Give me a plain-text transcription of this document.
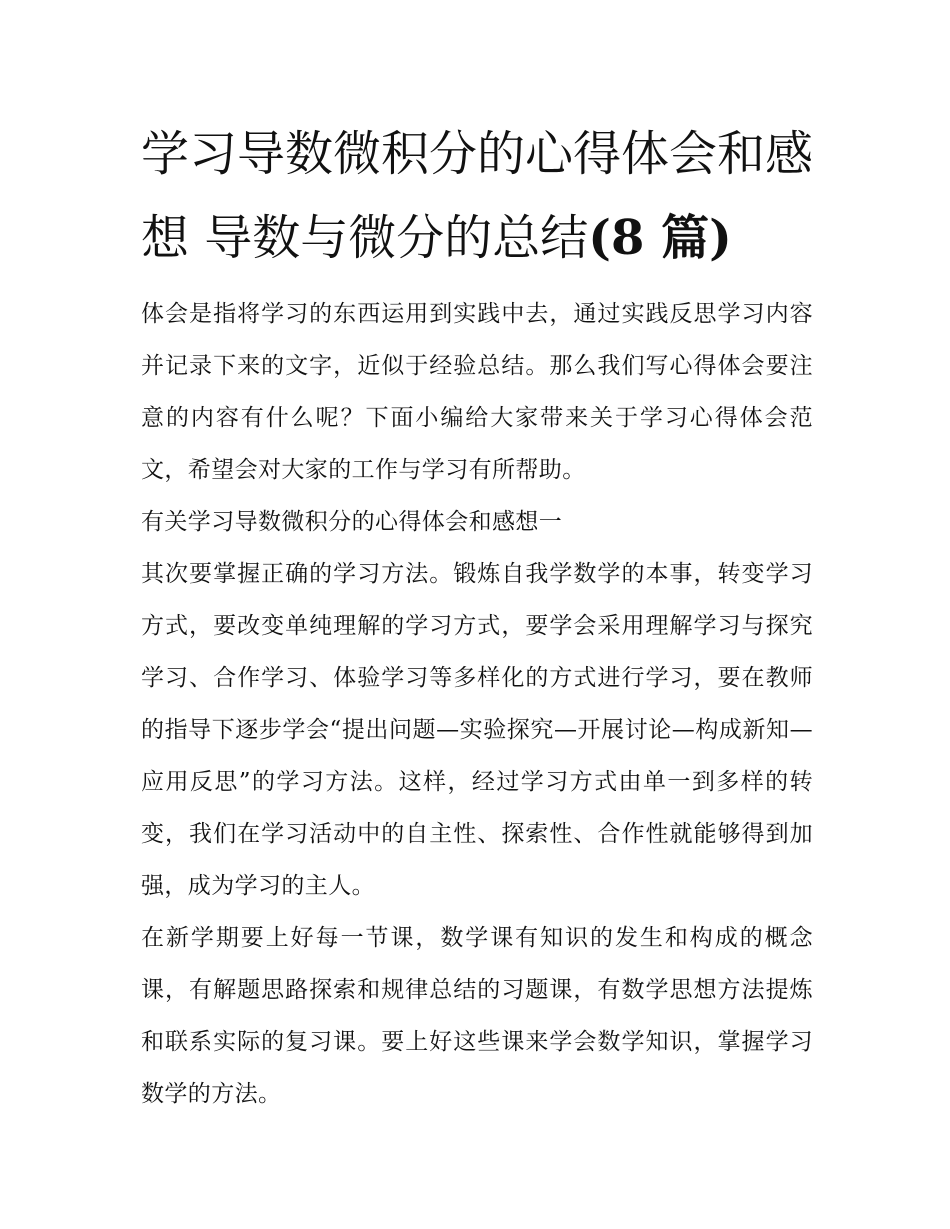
学习导数微积分的心得体会和感想 导数与微分的总结(8 篇)

体会是指将学习的东西运用到实践中去，通过实践反思学习内容并记录下来的文字，近似于经验总结。那么我们写心得体会要注意的内容有什么呢？下面小编给大家带来关于学习心得体会范文，希望会对大家的工作与学习有所帮助。

有关学习导数微积分的心得体会和感想一

其次要掌握正确的学习方法。锻炼自我学数学的本事，转变学习方式，要改变单纯理解的学习方式，要学会采用理解学习与探究学习、合作学习、体验学习等多样化的方式进行学习，要在教师的指导下逐步学会“提出问题—实验探究—开展讨论—构成新知—应用反思”的学习方法。这样，经过学习方式由单一到多样的转变，我们在学习活动中的自主性、探索性、合作性就能够得到加强，成为学习的主人。

在新学期要上好每一节课，数学课有知识的发生和构成的概念课，有解题思路探索和规律总结的习题课，有数学思想方法提炼和联系实际的复习课。要上好这些课来学会数学知识，掌握学习数学的方法。
